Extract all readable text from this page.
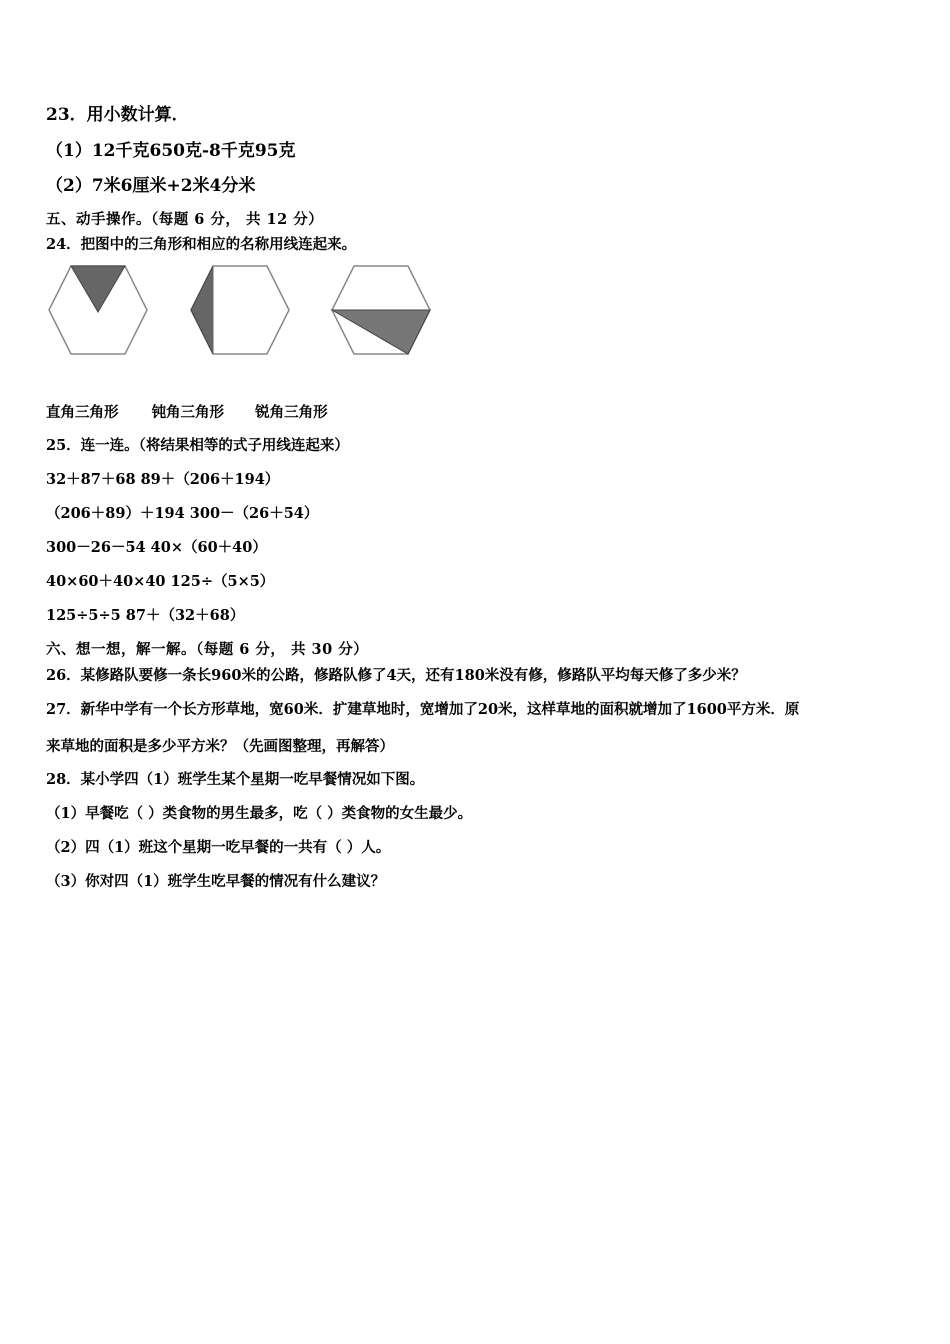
23．用小数计算．
（1）12千克650克-8千克95克
（2）7米6厘米+2米4分米
五、动手操作。（每题 6 分， 共 12 分）
24．把图中的三角形和相应的名称用线连起来。
直角三角形 钝角三角形 锐角三角形
25．连一连。（将结果相等的式子用线连起来）
32＋87＋68 89＋（206＋194）
（206＋89）＋194 300－（26＋54）
300－26－54 40×（60＋40）
40×60＋40×40 125÷（5×5）
125÷5÷5 87＋（32＋68）
六、想一想，解一解。（每题 6 分， 共 30 分）
26．某修路队要修一条长960米的公路，修路队修了4天，还有180米没有修，修路队平均每天修了多少米？
27．新华中学有一个长方形草地，宽60米．扩建草地时，宽增加了20米，这样草地的面积就增加了1600平方米．原
来草地的面积是多少平方米？（先画图整理，再解答）
28．某小学四（1）班学生某个星期一吃早餐情况如下图。
（1）早餐吃（ ）类食物的男生最多，吃（ ）类食物的女生最少。
（2）四（1）班这个星期一吃早餐的一共有（ ）人。
（3）你对四（1）班学生吃早餐的情况有什么建议？
